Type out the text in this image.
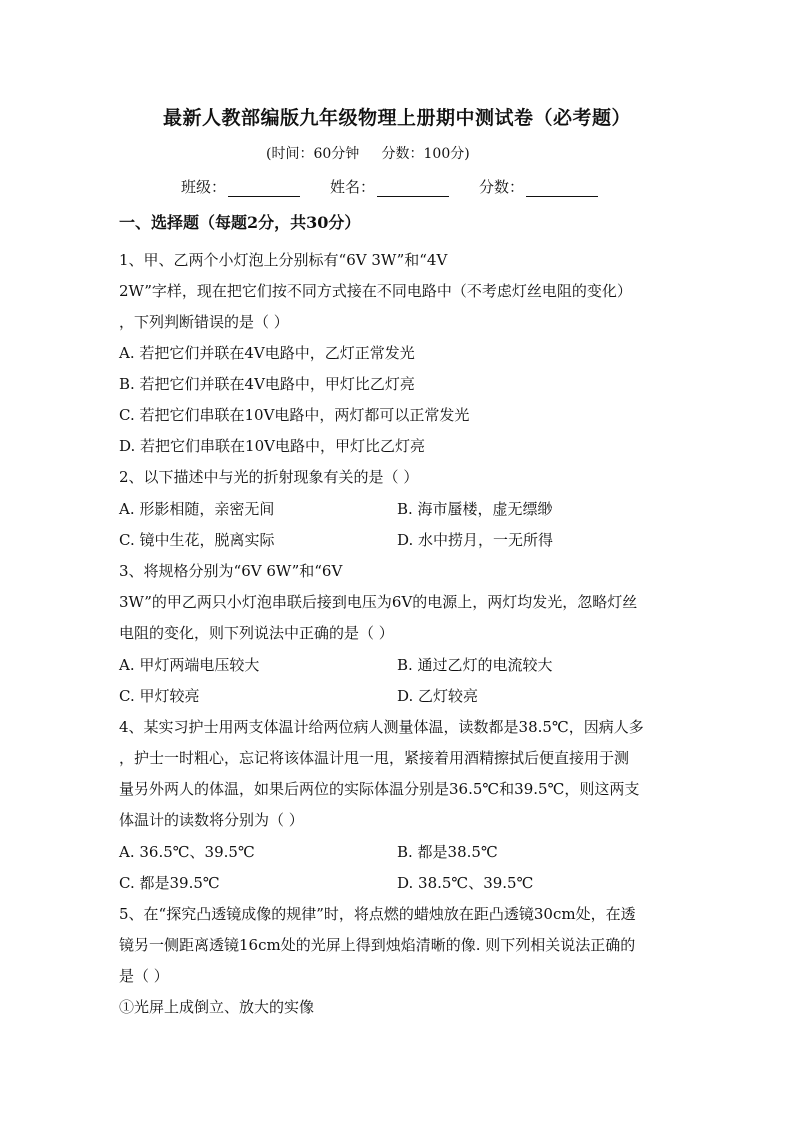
最新人教部编版九年级物理上册期中测试卷（必考题）
(时间：60分钟     分数：100分)
班级：	姓名：	分数：
一、选择题（每题2分，共30分）
1、甲、乙两个小灯泡上分别标有“6V 3W”和“4V
2W”字样，现在把它们按不同方式接在不同电路中（不考虑灯丝电阻的变化）
，下列判断错误的是（ ）
A. 若把它们并联在4V电路中，乙灯正常发光
B. 若把它们并联在4V电路中，甲灯比乙灯亮
C. 若把它们串联在10V电路中，两灯都可以正常发光
D. 若把它们串联在10V电路中，甲灯比乙灯亮
2、以下描述中与光的折射现象有关的是（ ）
A. 形影相随，亲密无间	B. 海市蜃楼，虚无缥缈
C. 镜中生花，脱离实际	D. 水中捞月，一无所得
3、将规格分别为“6V 6W”和“6V
3W”的甲乙两只小灯泡串联后接到电压为6V的电源上，两灯均发光，忽略灯丝
电阻的变化，则下列说法中正确的是（ ）
A. 甲灯两端电压较大	B. 通过乙灯的电流较大
C. 甲灯较亮	D. 乙灯较亮
4、某实习护士用两支体温计给两位病人测量体温，读数都是38.5℃，因病人多
，护士一时粗心，忘记将该体温计甩一甩，紧接着用酒精擦拭后便直接用于测
量另外两人的体温，如果后两位的实际体温分别是36.5℃和39.5℃，则这两支
体温计的读数将分别为（ ）
A. 36.5℃、39.5℃	B. 都是38.5℃
C. 都是39.5℃	D. 38.5℃、39.5℃
5、在“探究凸透镜成像的规律”时，将点燃的蜡烛放在距凸透镜30cm处，在透
镜另一侧距离透镜16cm处的光屏上得到烛焰清晰的像. 则下列相关说法正确的
是（ ）
①光屏上成倒立、放大的实像
